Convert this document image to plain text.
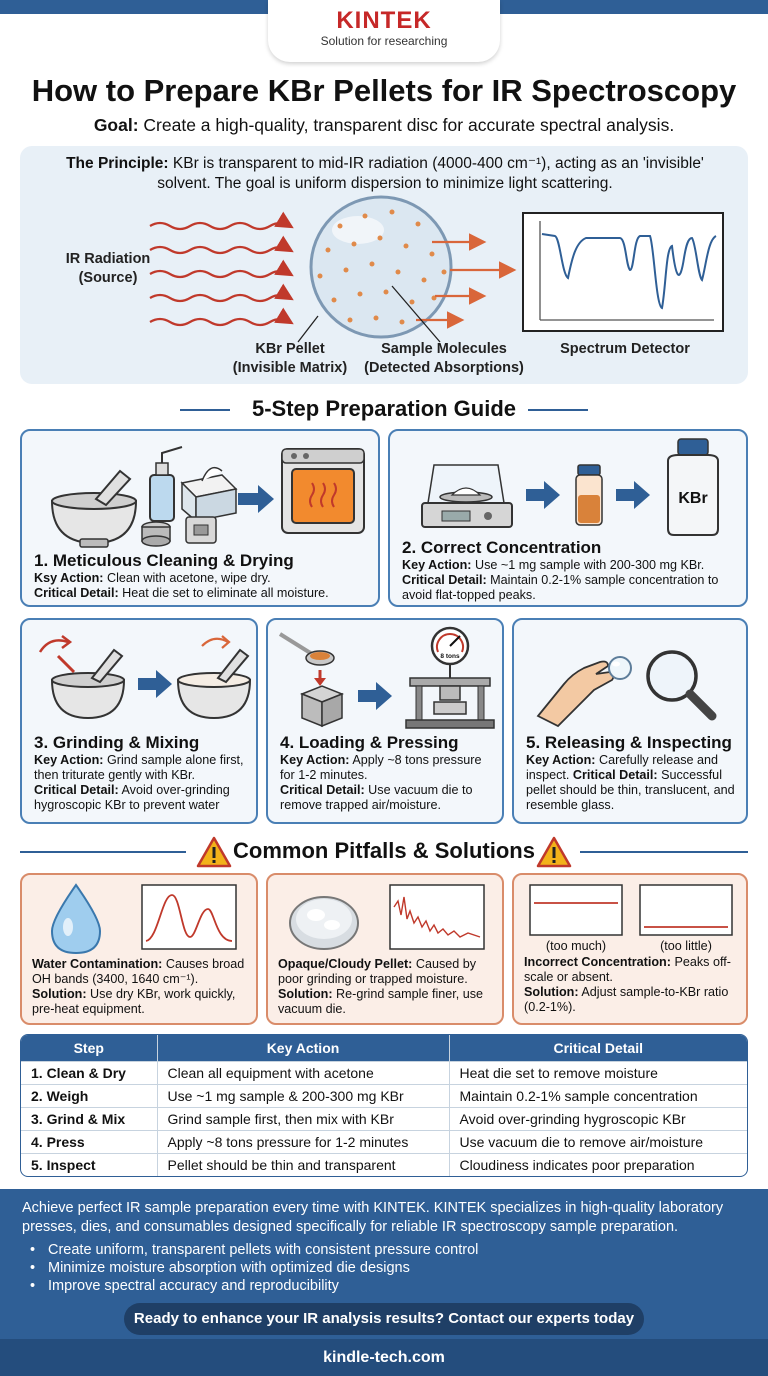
KINTEK
Solution for researching
How to Prepare KBr Pellets for IR Spectroscopy
Goal: Create a high-quality, transparent disc for accurate spectral analysis.
The Principle: KBr is transparent to mid-IR radiation (4000-400 cm⁻¹), acting as an 'invisible' solvent. The goal is uniform dispersion to minimize light scattering.
IR Radiation
(Source)
KBr Pellet
(Invisible Matrix)
Sample Molecules
(Detected Absorptions)
Spectrum Detector
5-Step Preparation Guide
1. Meticulous Cleaning & Drying
Ksy Action: Clean with acetone, wipe dry.
Critical Detail: Heat die set to eliminate all moisture.
KBr
2. Correct Concentration
Key Action: Use ~1 mg sample with 200-300 mg KBr.
Critical Detail: Maintain 0.2-1% sample concentration to avoid flat-topped peaks.
3. Grinding & Mixing
Key Action: Grind sample alone first, then triturate gently with KBr.
Critical Detail: Avoid over-grinding hygroscopic KBr to prevent water
8 tons
4. Loading & Pressing
Key Action: Apply ~8 tons pressure for 1-2 minutes.
Critical Detail: Use vacuum die to remove trapped air/moisture.
5. Releasing & Inspecting
Key Action: Carefully release and inspect. Critical Detail: Successful pellet should be thin, translucent, and resemble glass.
Common Pitfalls & Solutions
Water Contamination: Causes broad OH bands (3400, 1640 cm⁻¹).
Solution: Use dry KBr, work quickly, pre-heat equipment.
Opaque/Cloudy Pellet: Caused by poor grinding or trapped moisture.
Solution: Re-grind sample finer, use vacuum die.
(too much)	(too little)
Incorrect Concentration: Peaks off-scale or absent.
Solution: Adjust sample-to-KBr ratio (0.2-1%).
Step	Key Action	Critical Detail
1. Clean & Dry	Clean all equipment with acetone	Heat die set to remove moisture
2. Weigh	Use ~1 mg sample & 200-300 mg KBr	Maintain 0.2-1% sample concentration
3. Grind & Mix	Grind sample first, then mix with KBr	Avoid over-grinding hygroscopic KBr
4. Press	Apply ~8 tons pressure for 1-2 minutes	Use vacuum die to remove air/moisture
5. Inspect	Pellet should be thin and transparent	Cloudiness indicates poor preparation
Achieve perfect IR sample preparation every time with KINTEK. KINTEK specializes in high-quality laboratory presses, dies, and consumables designed specifically for reliable IR spectroscopy sample preparation.
• Create uniform, transparent pellets with consistent pressure control
• Minimize moisture absorption with optimized die designs
• Improve spectral accuracy and reproducibility
Ready to enhance your IR analysis results? Contact our experts today
kindle-tech.com
